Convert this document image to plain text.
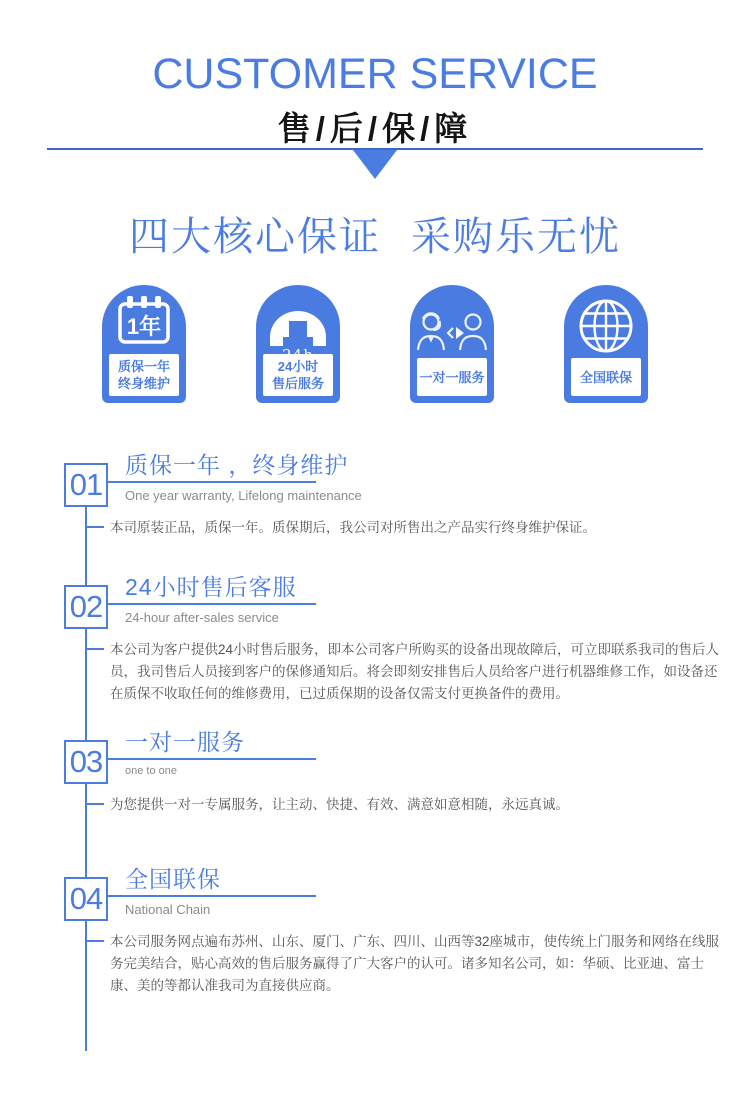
CUSTOMER SERVICE
售/后/保/障
四大核心保证 采购乐无忧
1年
质保一年
终身维护
24小时
售后服务	一对一服务	全国联保
01
质保一年 ，终身维护
One year warranty, Lifelong maintenance
本司原装正品，质保一年。质保期后，我公司对所售出之产品实行终身维护保证。
02
24小时售后客服
24-hour after-sales service
本公司为客户提供24小时售后服务，即本公司客户所购买的设备出现故障后，可立即联系我司的售后人员，我司售后人员接到客户的保修通知后。将会即刻安排售后人员给客户进行机器维修工作，如设备还在质保不收取任何的维修费用，已过质保期的设备仅需支付更换备件的费用。
03
一对一服务
one to one
为您提供一对一专属服务，让主动、快捷、有效、满意如意相随，永远真诚。
04
全国联保
National Chain
本公司服务网点遍布苏州、山东、厦门、广东、四川、山西等32座城市，使传统上门服务和网络在线服务完美结合，贴心高效的售后服务赢得了广大客户的认可。诸多知名公司，如：华硕、比亚迪、富士康、美的等都认准我司为直接供应商。
